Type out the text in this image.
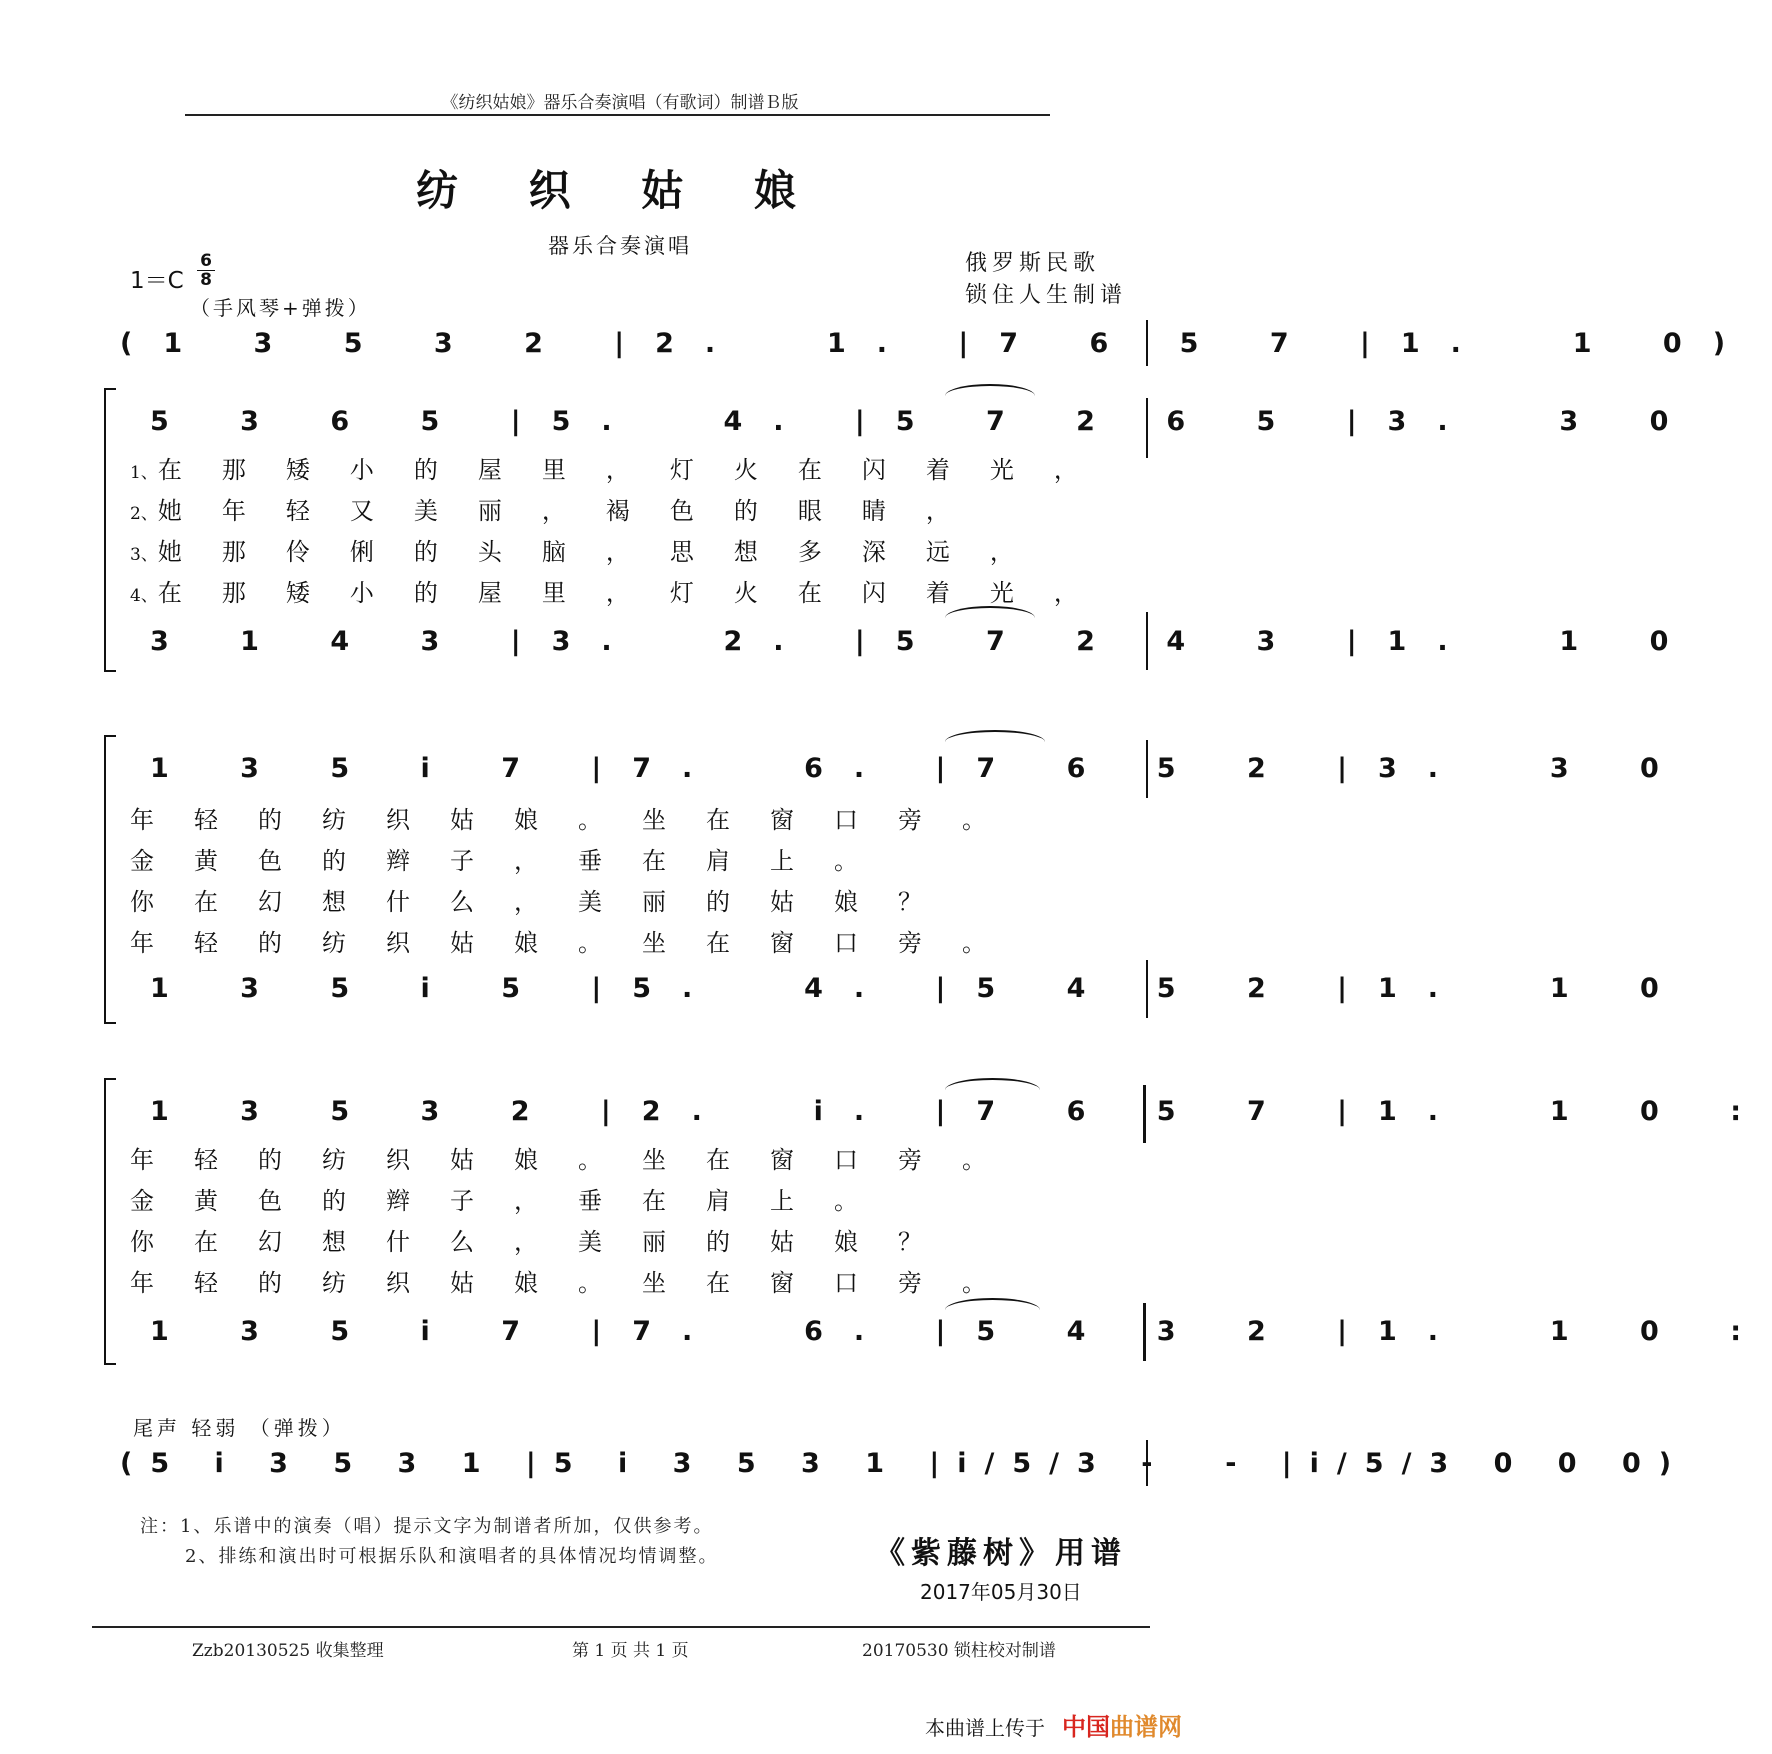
《纺织姑娘》器乐合奏演唱（有歌词）制谱Ｂ版
纺 织 姑 娘
器乐合奏演唱
1＝C
6
8
（手风琴+弹拨）
俄罗斯民歌
锁住人生制谱
(1 3 5 3 2 |2.  1. |7 6 5 7 |1.  1 0)
5 3 6 5 |5.  4. |5 7 2 6 5 |3.  3 0
1、在那矮小的屋里，灯火在闪着光，
2、她年轻又美丽，褐色的眼睛，
3、她那伶俐的头脑，思想多深远，
4、在那矮小的屋里，灯火在闪着光，
3 1 4 3 |3.  2. |5 7 2 4 3 |1.  1 0
1 3 5 i 7 |7.  6. |7 6 5 2 |3.  3 0
年轻的纺织姑娘。坐在窗口旁。
金黄色的辫子，垂在肩上。
你在幻想什么，美丽的姑娘？
年轻的纺织姑娘。坐在窗口旁。
1 3 5 i 5 |5.  4. |5 4 5 2 |1.  1 0
1 3 5 3 2 |2.  i. |7 6 5 7 |1.  1 0 :
年轻的纺织姑娘。坐在窗口旁。
金黄色的辫子，垂在肩上。
你在幻想什么，美丽的姑娘？
年轻的纺织姑娘。坐在窗口旁。
1 3 5 i 7 |7.  6. |5 4 3 2 |1.  1 0 :
尾声 轻弱 （弹拨）
(5 i 3 5 3 1 |5 i 3 5 3 1 |i/5/3 -  - |i/5/3 0 0 0)
注：1、乐谱中的演奏（唱）提示文字为制谱者所加，仅供参考。
2、排练和演出时可根据乐队和演唱者的具体情况均情调整。	《紫藤树》用谱
2017年05月30日
Zzb20130525 收集整理	第 1 页 共 1 页	20170530 锁柱校对制谱
本曲谱上传于 中国曲谱网
